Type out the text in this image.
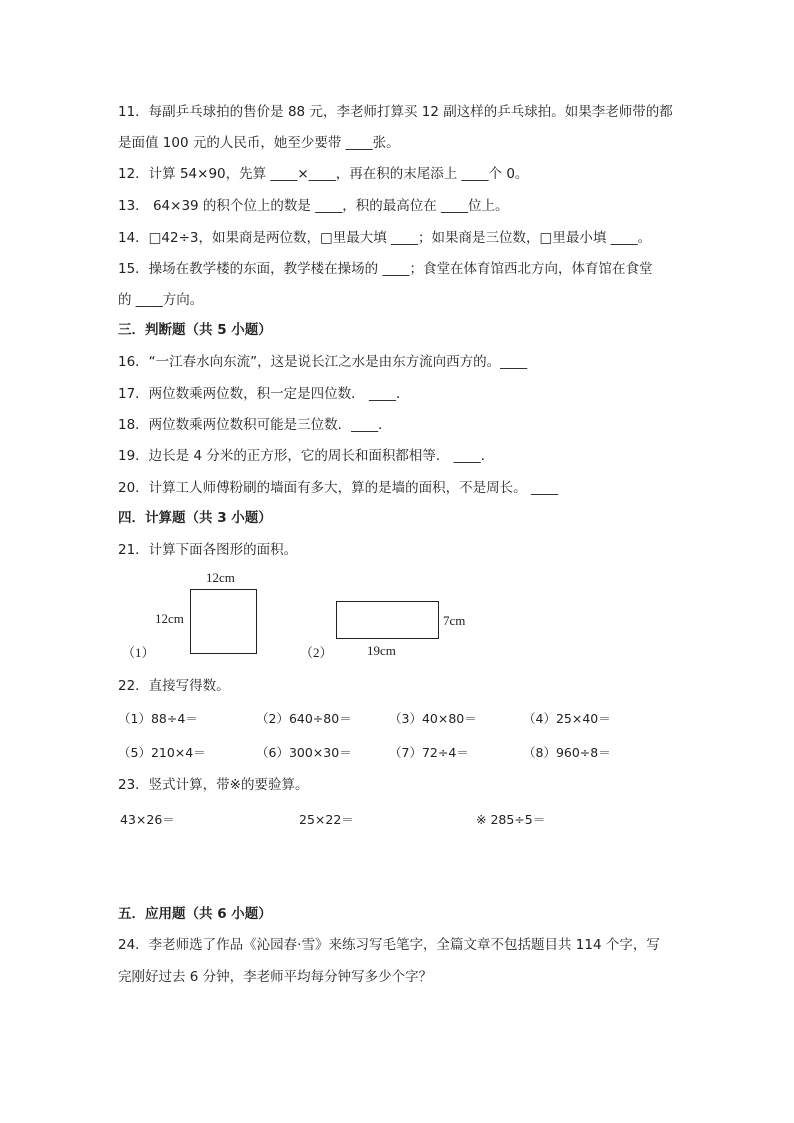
11．每副乒乓球拍的售价是 88 元，李老师打算买 12 副这样的乒乓球拍。如果李老师带的都
是面值 100 元的人民币，她至少要带 ____张。
12．计算 54×90，先算 ____×____，再在积的末尾添上 ____个 0。
13． 64×39 的积个位上的数是 ____，积的最高位在 ____位上。
14．□42÷3，如果商是两位数，□里最大填 ____；如果商是三位数，□里最小填 ____。
15．操场在教学楼的东面，教学楼在操场的 ____；食堂在体育馆西北方向，体育馆在食堂
的 ____方向。
三．判断题（共 5 小题）
16．“一江春水向东流”，这是说长江之水是由东方流向西方的。____
17．两位数乘两位数，积一定是四位数． ____．
18．两位数乘两位数积可能是三位数．____．
19．边长是 4 分米的正方形，它的周长和面积都相等． ____．
20．计算工人师傅粉刷的墙面有多大，算的是墙的面积，不是周长。 ____
四．计算题（共 3 小题）
21．计算下面各图形的面积。
12cm
12cm
（1）
7cm
19cm
（2）
22．直接写得数。
（1）88÷4＝	（2）640÷80＝	（3）40×80＝	（4）25×40＝
（5）210×4＝	（6）300×30＝	（7）72÷4＝	（8）960÷8＝
23．竖式计算，带※的要验算。
43×26＝	25×22＝	※ 285÷5＝
五．应用题（共 6 小题）
24．李老师选了作品《沁园春·雪》来练习写毛笔字，全篇文章不包括题目共 114 个字，写
完刚好过去 6 分钟，李老师平均每分钟写多少个字？
